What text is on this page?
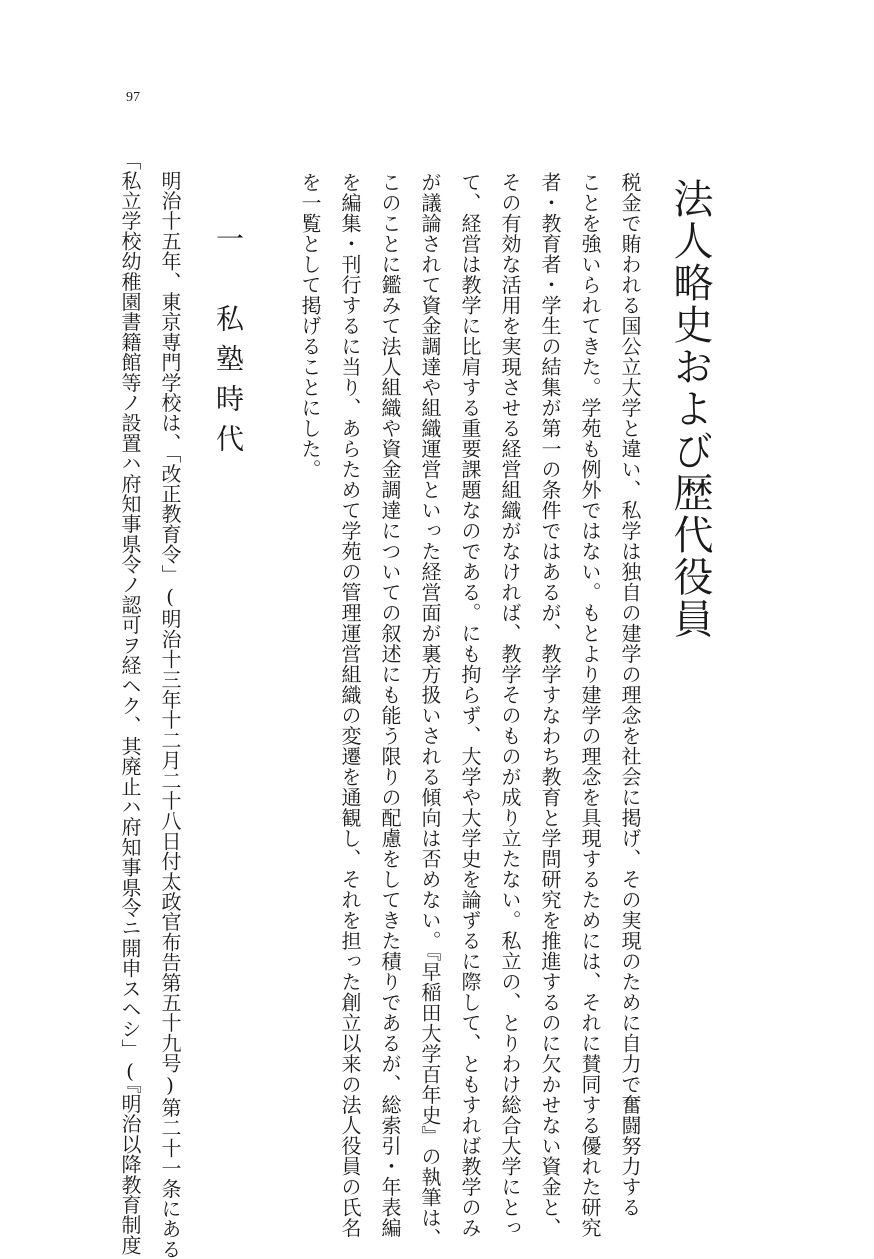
97
法人略史および歴代役員
税金で賄われる国公立大学と違い、私学は独自の建学の理念を社会に掲げ、その実現のために自力で奮闘努力する
ことを強いられてきた。学苑も例外ではない。もとより建学の理念を具現するためには、それに賛同する優れた研究
者・教育者・学生の結集が第一の条件ではあるが、教学すなわち教育と学問研究を推進するのに欠かせない資金と、
その有効な活用を実現させる経営組織がなければ、教学そのものが成り立たない。私立の、とりわけ総合大学にとっ
て、経営は教学に比肩する重要課題なのである。にも拘らず、大学や大学史を論ずるに際して、ともすれば教学のみ
が議論されて資金調達や組織運営といった経営面が裏方扱いされる傾向は否めない。『早稲田大学百年史』の執筆は、
このことに鑑みて法人組織や資金調達についての叙述にも能う限りの配慮をしてきた積りであるが、総索引・年表編
を編集・刊行するに当り、あらためて学苑の管理運営組織の変遷を通観し、それを担った創立以来の法人役員の氏名
を一覧として掲げることにした。
一　私塾時代
　明治十五年、東京専門学校は、「改正教育令」(明治十三年十二月二十八日付太政官布告第五十九号)第二十一条にある
「私立学校幼稚園書籍館等ノ設置ハ府知事県令ノ認可ヲ経ヘク、其廃止ハ府知事県令ニ開申スヘシ」(『明治以降教育制度
